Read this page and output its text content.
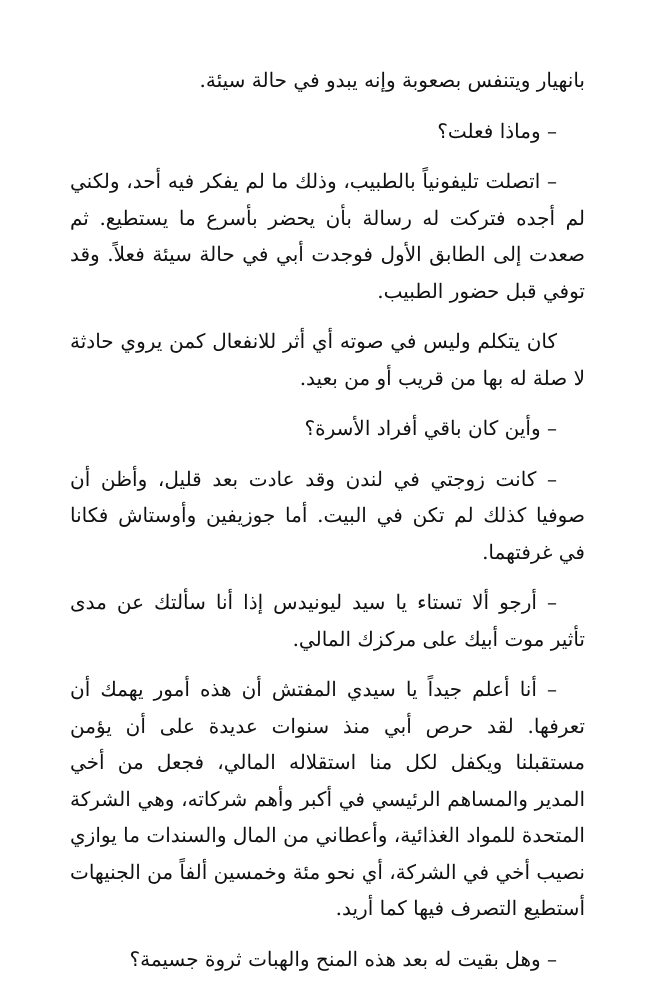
بانهيار ويتنفس بصعوبة وإنه يبدو في حالة سيئة.

– وماذا فعلت؟

– اتصلت تليفونياً بالطبيب، وذلك ما لم يفكر فيه أحد، ولكني لم أجده فتركت له رسالة بأن يحضر بأسرع ما يستطيع. ثم صعدت إلى الطابق الأول فوجدت أبي في حالة سيئة فعلاً. وقد توفي قبل حضور الطبيب.

كان يتكلم وليس في صوته أي أثر للانفعال كمن يروي حادثة لا صلة له بها من قريب أو من بعيد.

– وأين كان باقي أفراد الأسرة؟

– كانت زوجتي في لندن وقد عادت بعد قليل، وأظن أن صوفيا كذلك لم تكن في البيت. أما جوزيفين وأوستاش فكانا في غرفتهما.

– أرجو ألا تستاء يا سيد ليونيدس إذا أنا سألتك عن مدى تأثير موت أبيك على مركزك المالي.

– أنا أعلم جيداً يا سيدي المفتش أن هذه أمور يهمك أن تعرفها. لقد حرص أبي منذ سنوات عديدة على أن يؤمن مستقبلنا ويكفل لكل منا استقلاله المالي، فجعل من أخي المدير والمساهم الرئيسي في أكبر وأهم شركاته، وهي الشركة المتحدة للمواد الغذائية، وأعطاني من المال والسندات ما يوازي نصيب أخي في الشركة، أي نحو مئة وخمسين ألفاً من الجنيهات أستطيع التصرف فيها كما أريد.

– وهل بقيت له بعد هذه المنح والهبات ثروة جسيمة؟
